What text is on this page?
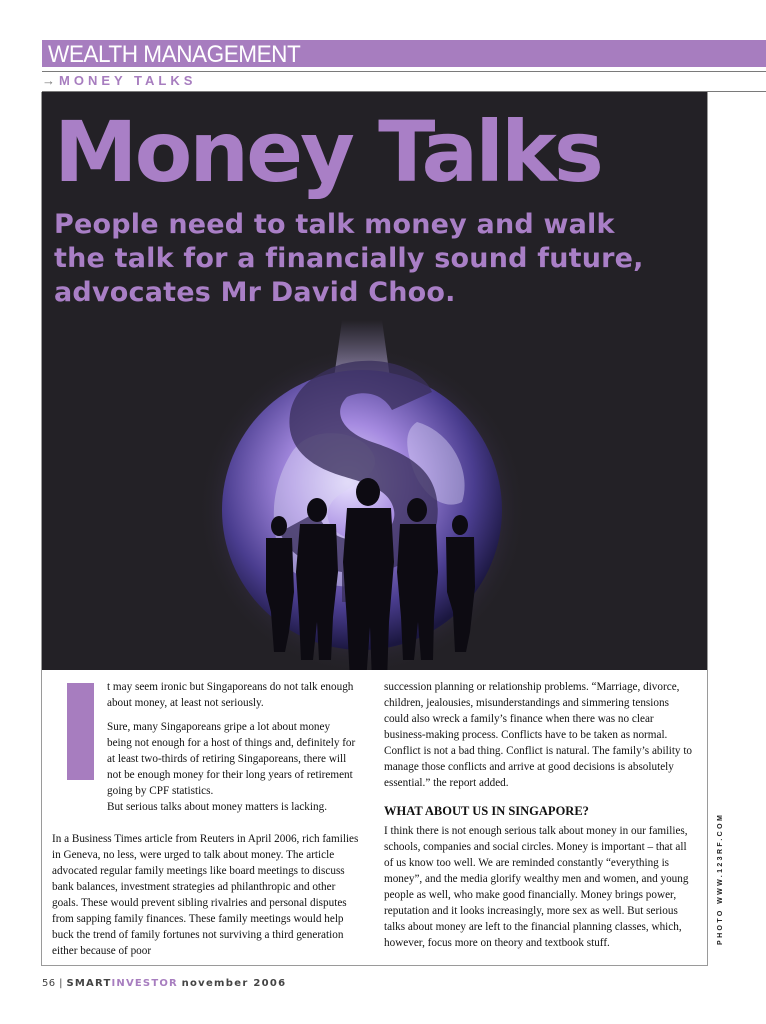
WEALTH MANAGEMENT
→ MONEY TALKS
Money Talks
People need to talk money and walk the talk for a financially sound future, advocates Mr David Choo.
PHOTO WWW.123RF.COM

t may seem ironic but Singaporeans do not talk enough about money, at least not seriously.

Sure, many Singaporeans gripe a lot about money being not enough for a host of things and, definitely for at least two-thirds of retiring Singaporeans, there will not be enough money for their long years of retirement going by CPF statistics.

But serious talks about money matters is lacking.

In a Business Times article from Reuters in April 2006, rich families in Geneva, no less, were urged to talk about money. The article advocated regular family meetings like board meetings to discuss bank balances, investment strategies ad philanthropic and other goals. These would prevent sibling rivalries and personal disputes from sapping family finances. These family meetings would help buck the trend of family fortunes not surviving a third generation either because of poor

succession planning or relationship problems. “Marriage, divorce, children, jealousies, misunderstandings and simmering tensions could also wreck a family’s finance when there was no clear business-making process. Conflicts have to be taken as normal. Conflict is not a bad thing. Conflict is natural. The family’s ability to manage those conflicts and arrive at good decisions is absolutely essential.” the report added.

WHAT ABOUT US IN SINGAPORE?

I think there is not enough serious talk about money in our families, schools, companies and social circles. Money is important – that all of us know too well. We are reminded constantly “everything is money”, and the media glorify wealthy men and women, and young people as well, who make good financially. Money brings power, reputation and it looks increasingly, more sex as well. But serious talks about money are left to the financial planning classes, which, however, focus more on theory and textbook stuff.

56 | SMARTINVESTOR november 2006
